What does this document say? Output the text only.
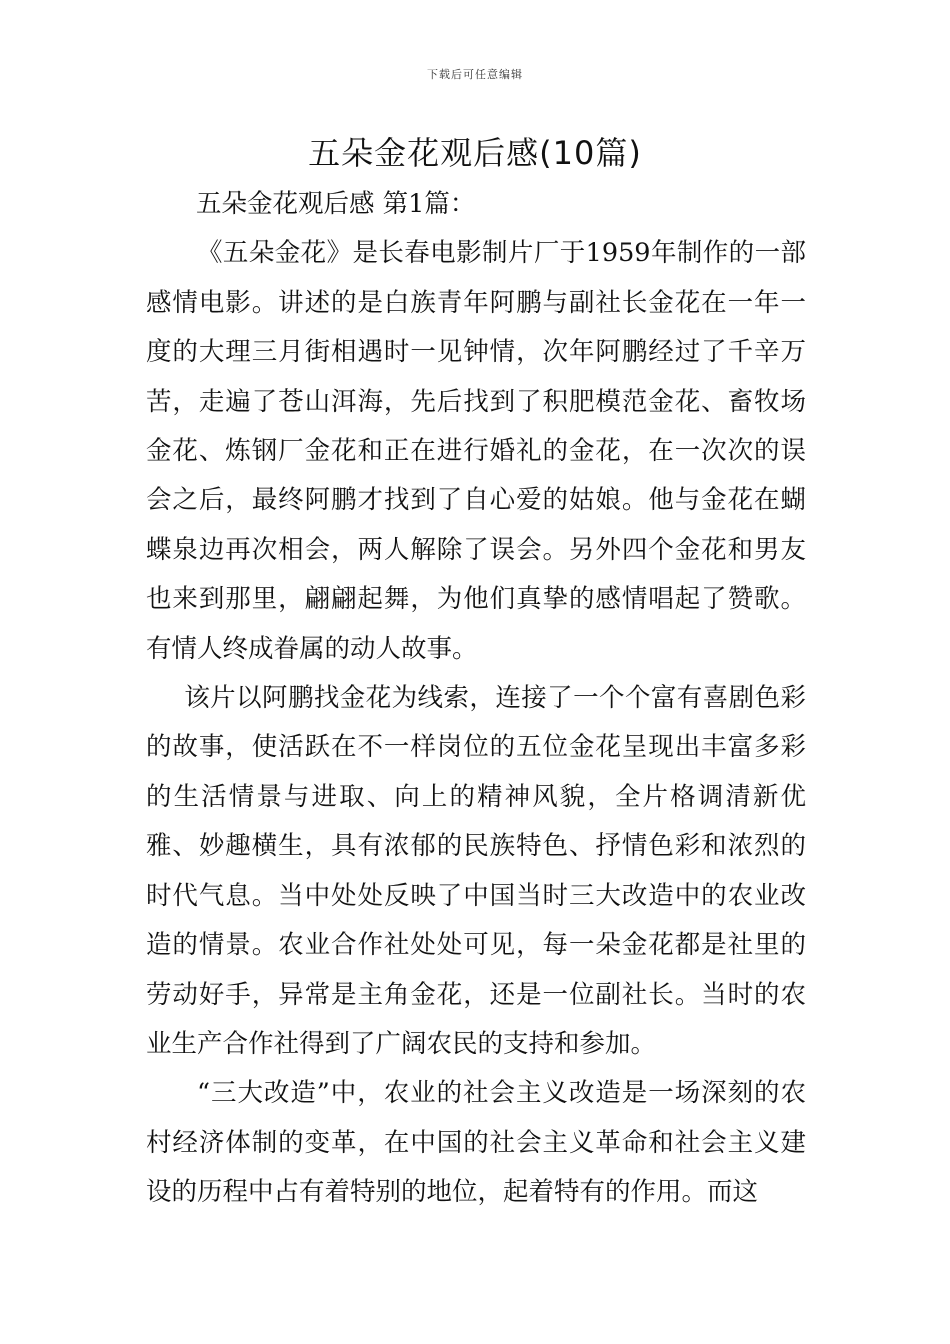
下载后可任意编辑
五朵金花观后感(10篇)

五朵金花观后感 第1篇：

《五朵金花》是长春电影制片厂于1959年制作的一部感情电影。讲述的是白族青年阿鹏与副社长金花在一年一度的大理三月街相遇时一见钟情，次年阿鹏经过了千辛万苦，走遍了苍山洱海，先后找到了积肥模范金花、畜牧场金花、炼钢厂金花和正在进行婚礼的金花，在一次次的误会之后，最终阿鹏才找到了自心爱的姑娘。他与金花在蝴蝶泉边再次相会，两人解除了误会。另外四个金花和男友也来到那里，翩翩起舞，为他们真挚的感情唱起了赞歌。有情人终成眷属的动人故事。

该片以阿鹏找金花为线索，连接了一个个富有喜剧色彩的故事，使活跃在不一样岗位的五位金花呈现出丰富多彩的生活情景与进取、向上的精神风貌，全片格调清新优雅、妙趣横生，具有浓郁的民族特色、抒情色彩和浓烈的时代气息。当中处处反映了中国当时三大改造中的农业改造的情景。农业合作社处处可见，每一朵金花都是社里的劳动好手，异常是主角金花，还是一位副社长。当时的农业生产合作社得到了广阔农民的支持和参加。

“三大改造”中，农业的社会主义改造是一场深刻的农村经济体制的变革，在中国的社会主义革命和社会主义建设的历程中占有着特别的地位，起着特有的作用。而这
